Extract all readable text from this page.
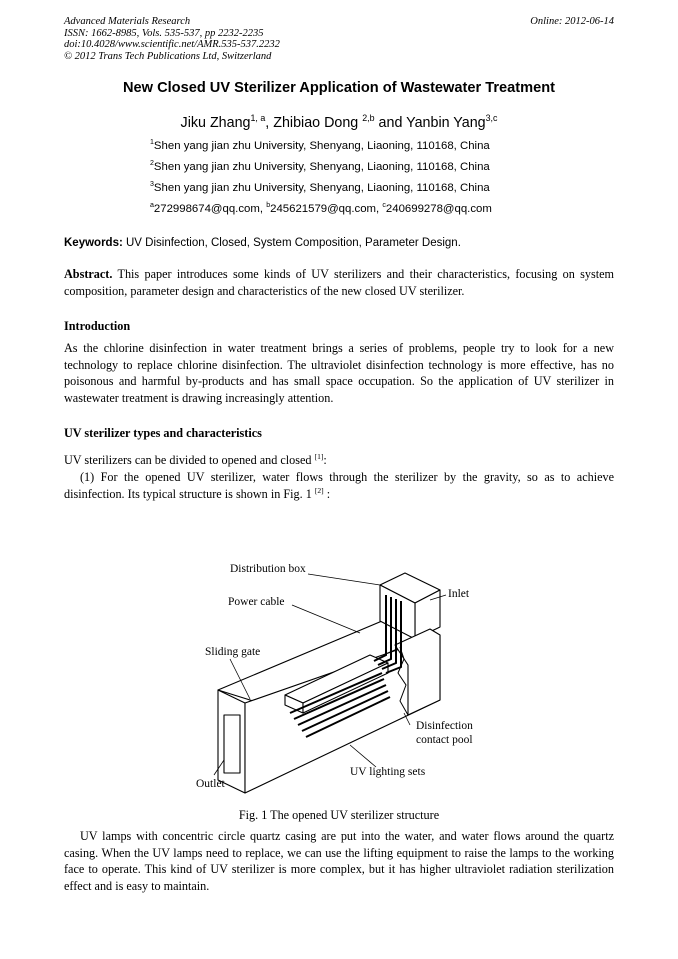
Advanced Materials Research
ISSN: 1662-8985, Vols. 535-537, pp 2232-2235
doi:10.4028/www.scientific.net/AMR.535-537.2232
© 2012 Trans Tech Publications Ltd, Switzerland
Online: 2012-06-14
New Closed UV Sterilizer Application of Wastewater Treatment
Jiku Zhang$^{1, a}$, Zhibiao Dong $^{2,b}$ and Yanbin Yang$^{3,c}$
$^1$Shen yang jian zhu University, Shenyang, Liaoning, 110168, China
$^2$Shen yang jian zhu University, Shenyang, Liaoning, 110168, China
$^3$Shen yang jian zhu University, Shenyang, Liaoning, 110168, China
$^a$272998674@qq.com, $^b$245621579@qq.com, $^c$240699278@qq.com
Keywords: UV Disinfection, Closed, System Composition, Parameter Design.
Abstract. This paper introduces some kinds of UV sterilizers and their characteristics, focusing on system composition, parameter design and characteristics of the new closed UV sterilizer.
Introduction
As the chlorine disinfection in water treatment brings a series of problems, people try to look for a new technology to replace chlorine disinfection. The ultraviolet disinfection technology is more effective, has no poisonous and harmful by-products and has small space occupation. So the application of UV sterilizer in wastewater treatment is drawing increasingly attention.
UV sterilizer types and characteristics
UV sterilizers can be divided to opened and closed [1]:
(1) For the opened UV sterilizer, water flows through the sterilizer by the gravity, so as to achieve disinfection. Its typical structure is shown in Fig. 1 [2] :
Distribution box
Inlet
Power cable
Sliding gate
Disinfection
contact pool
UV lighting sets
Outlet
Fig. 1 The opened UV sterilizer structure
UV lamps with concentric circle quartz casing are put into the water, and water flows around the quartz casing. When the UV lamps need to replace, we can use the lifting equipment to raise the lamps to the working face to operate. This kind of UV sterilizer is more complex, but it has higher ultraviolet radiation sterilization effect and is easy to maintain.
